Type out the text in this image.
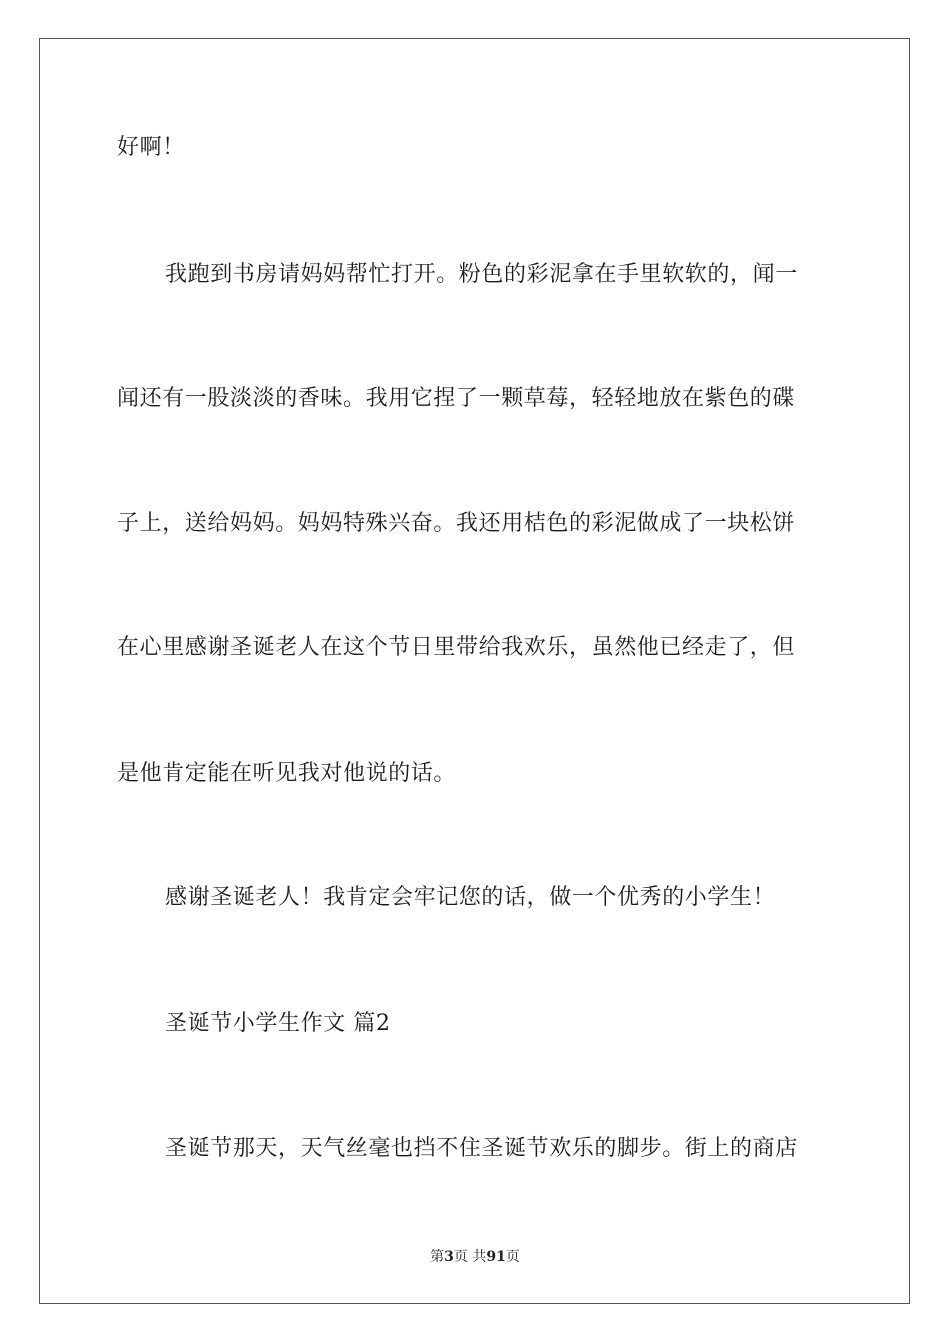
好啊！
我跑到书房请妈妈帮忙打开。粉色的彩泥拿在手里软软的，闻一
闻还有一股淡淡的香味。我用它捏了一颗草莓，轻轻地放在紫色的碟
子上，送给妈妈。妈妈特殊兴奋。我还用桔色的彩泥做成了一块松饼
在心里感谢圣诞老人在这个节日里带给我欢乐，虽然他已经走了，但
是他肯定能在听见我对他说的话。
感谢圣诞老人！我肯定会牢记您的话，做一个优秀的小学生！
圣诞节小学生作文 篇2
圣诞节那天，天气丝毫也挡不住圣诞节欢乐的脚步。街上的商店
第3页 共91页
